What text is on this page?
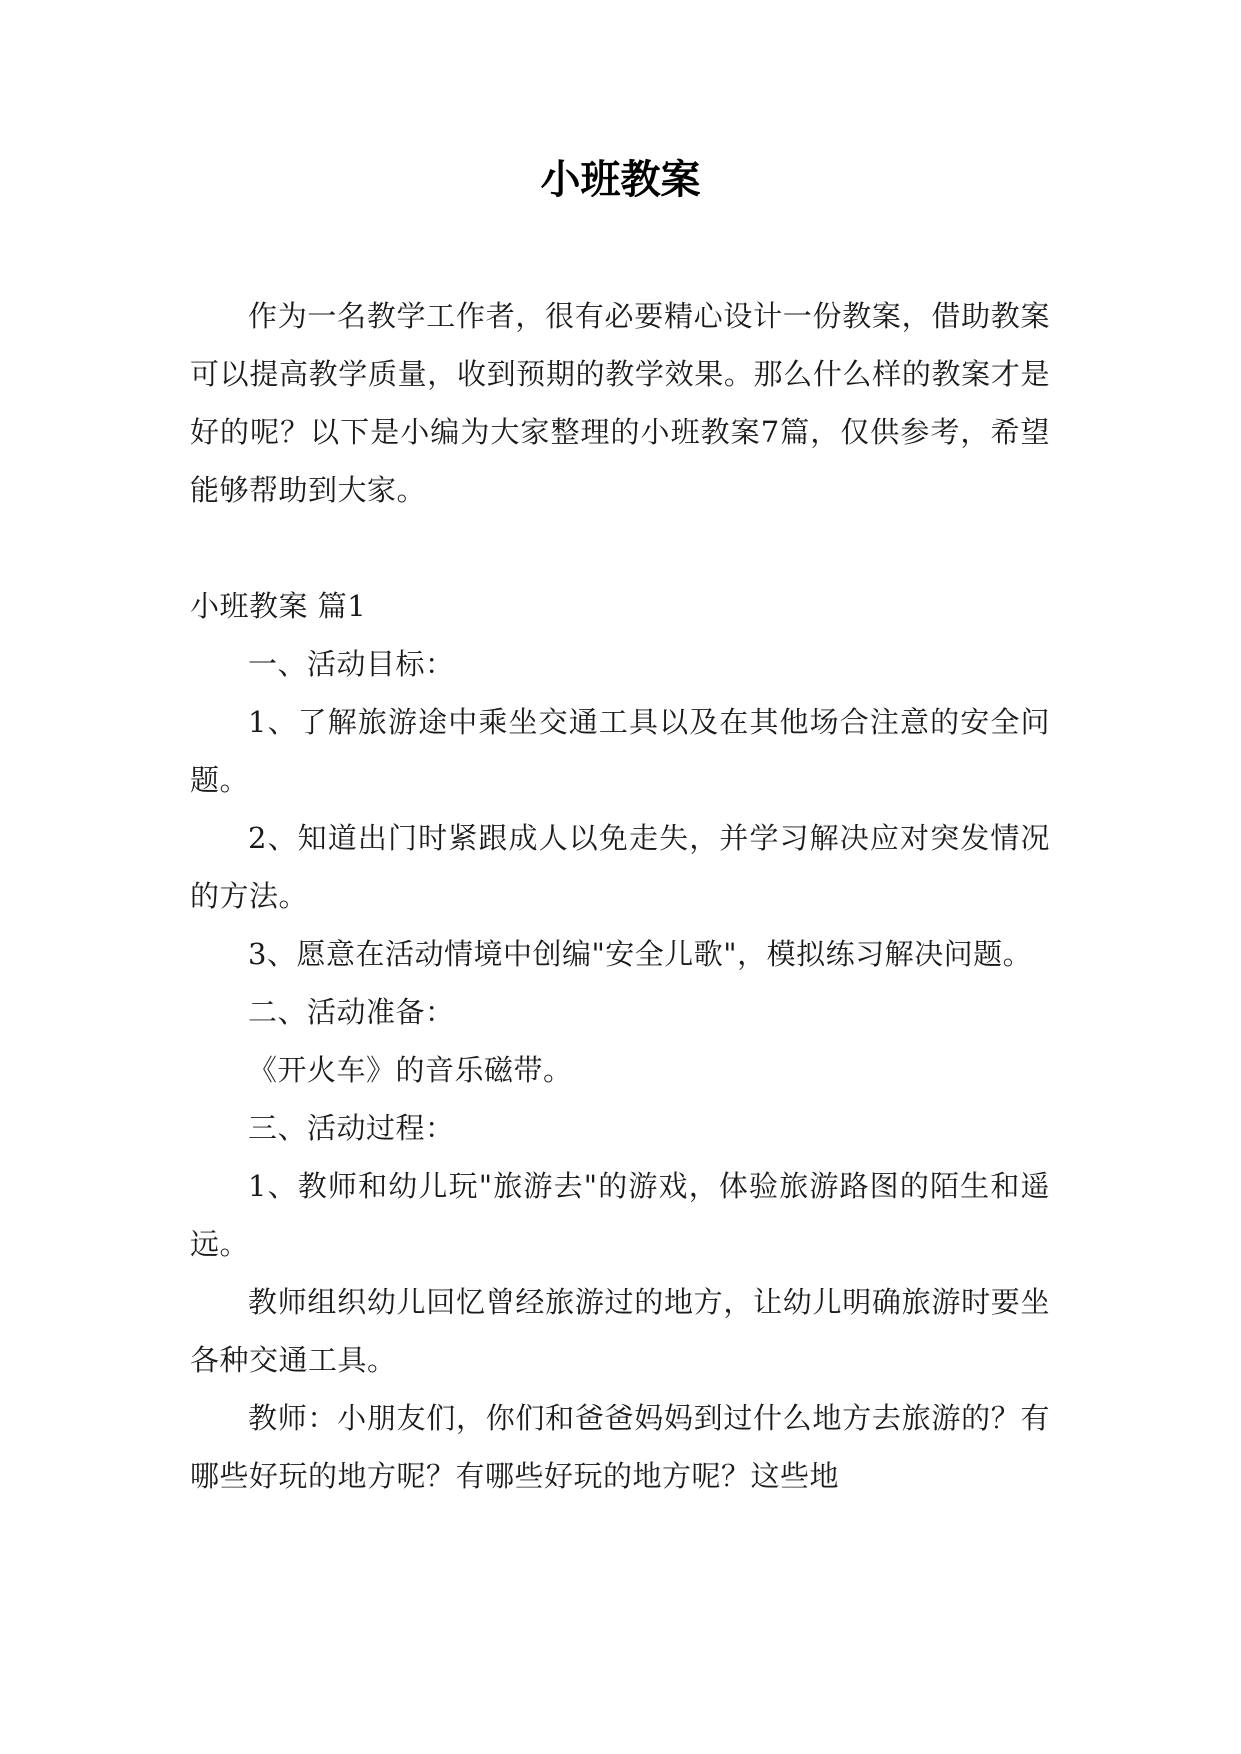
小班教案

作为一名教学工作者，很有必要精心设计一份教案，借助教案可以提高教学质量，收到预期的教学效果。那么什么样的教案才是好的呢？以下是小编为大家整理的小班教案7篇，仅供参考，希望能够帮助到大家。

小班教案 篇1

一、活动目标：

1、了解旅游途中乘坐交通工具以及在其他场合注意的安全问题。

2、知道出门时紧跟成人以免走失，并学习解决应对突发情况的方法。

3、愿意在活动情境中创编"安全儿歌"，模拟练习解决问题。

二、活动准备：

《开火车》的音乐磁带。

三、活动过程：

1、教师和幼儿玩"旅游去"的游戏，体验旅游路图的陌生和遥远。

教师组织幼儿回忆曾经旅游过的地方，让幼儿明确旅游时要坐各种交通工具。

教师：小朋友们，你们和爸爸妈妈到过什么地方去旅游的？有哪些好玩的地方呢？有哪些好玩的地方呢？这些地
